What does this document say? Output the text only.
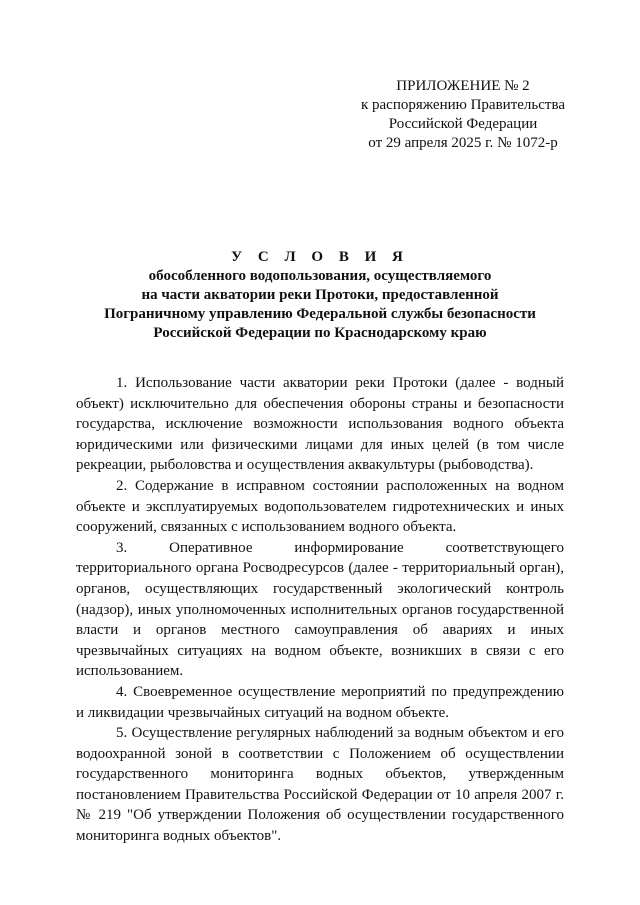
ПРИЛОЖЕНИЕ № 2
к распоряжению Правительства
Российской Федерации
от 29 апреля 2025 г. № 1072-р
У С Л О В И Я
обособленного водопользования, осуществляемого
на части акватории реки Протоки, предоставленной
Пограничному управлению Федеральной службы безопасности
Российской Федерации по Краснодарскому краю

1. Использование части акватории реки Протоки (далее - водный объект) исключительно для обеспечения обороны страны и безопасности государства, исключение возможности использования водного объекта юридическими или физическими лицами для иных целей (в том числе рекреации, рыболовства и осуществления аквакультуры (рыбоводства).

2. Содержание в исправном состоянии расположенных на водном объекте и эксплуатируемых водопользователем гидротехнических и иных сооружений, связанных с использованием водного объекта.

3. Оперативное информирование соответствующего территориального органа Росводресурсов (далее - территориальный орган), органов, осуществляющих государственный экологический контроль (надзор), иных уполномоченных исполнительных органов государственной власти и органов местного самоуправления об авариях и иных чрезвычайных ситуациях на водном объекте, возникших в связи с его использованием.

4. Своевременное осуществление мероприятий по предупреждению и ликвидации чрезвычайных ситуаций на водном объекте.

5. Осуществление регулярных наблюдений за водным объектом и его водоохранной зоной в соответствии с Положением об осуществлении государственного мониторинга водных объектов, утвержденным постановлением Правительства Российской Федерации от 10 апреля 2007 г. № 219 "Об утверждении Положения об осуществлении государственного мониторинга водных объектов".
